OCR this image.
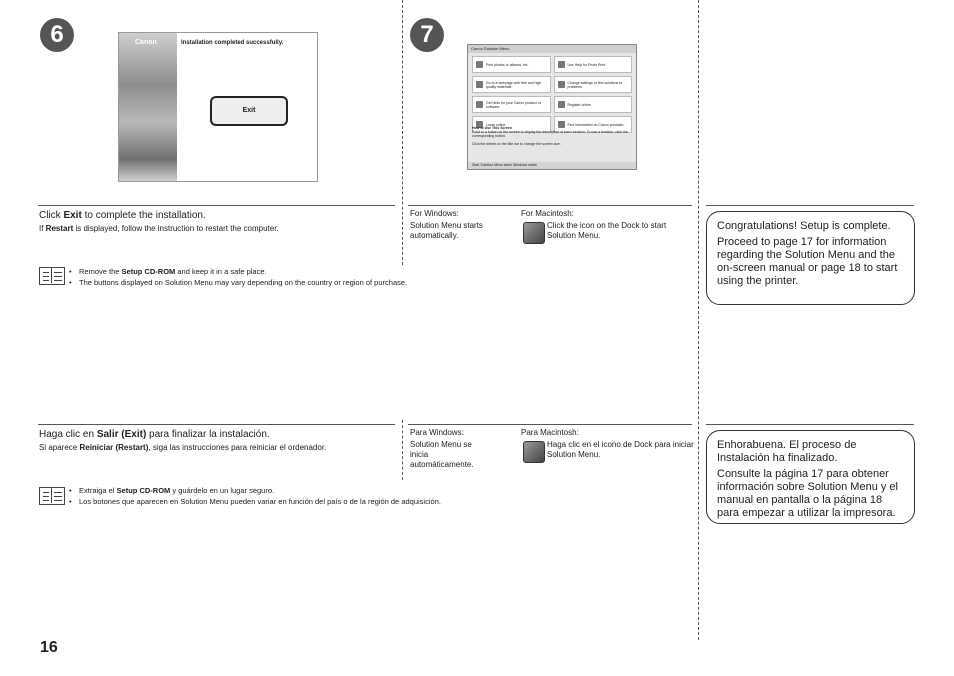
6	7
Canon	Installation completed successfully.
Exit
Canon Solution Menu
Print photos or albums, etc.	Use Help for Photo Print
Go to a webpage with free and high quality materials
Change settings or find solutions to problems.
Get hints for your Canon product or software.	Register online.
Learn online.	Find information on Canon products.
How to Use This Screen
Point to a button on the screen to display the description of each function. To use a function, click the corresponding button.
Click the delete on the title bar to change the screen size.
Start Solution Menu when Windows starts
Click Exit to complete the installation.
If Restart is displayed, follow the instruction to restart the computer.
• Remove the Setup CD-ROM and keep it in a safe place.
• The buttons displayed on Solution Menu may vary depending on the country or region of purchase.
For Windows:
Solution Menu starts automatically.
For Macintosh:
Click the icon on the Dock to start Solution Menu.

Congratulations! Setup is complete.

Proceed to page 17 for information regarding the Solution Menu and the on-screen manual or page 18 to start using the printer.

Haga clic en Salir (Exit) para finalizar la instalación.
Si aparece Reiniciar (Restart), siga las instrucciones para reiniciar el ordenador.
• Extraiga el Setup CD-ROM y guárdelo en un lugar seguro.
• Los botones que aparecen en Solution Menu pueden variar en función del país o de la región de adquisición.
Para Windows:
Solution Menu se inicia automáticamente.
Para Macintosh:
Haga clic en el icono de Dock para iniciar Solution Menu.

Enhorabuena. El proceso de Instalación ha finalizado.

Consulte la página 17 para obtener información sobre Solution Menu y el manual en pantalla o la página 18 para empezar a utilizar la impresora.

16
